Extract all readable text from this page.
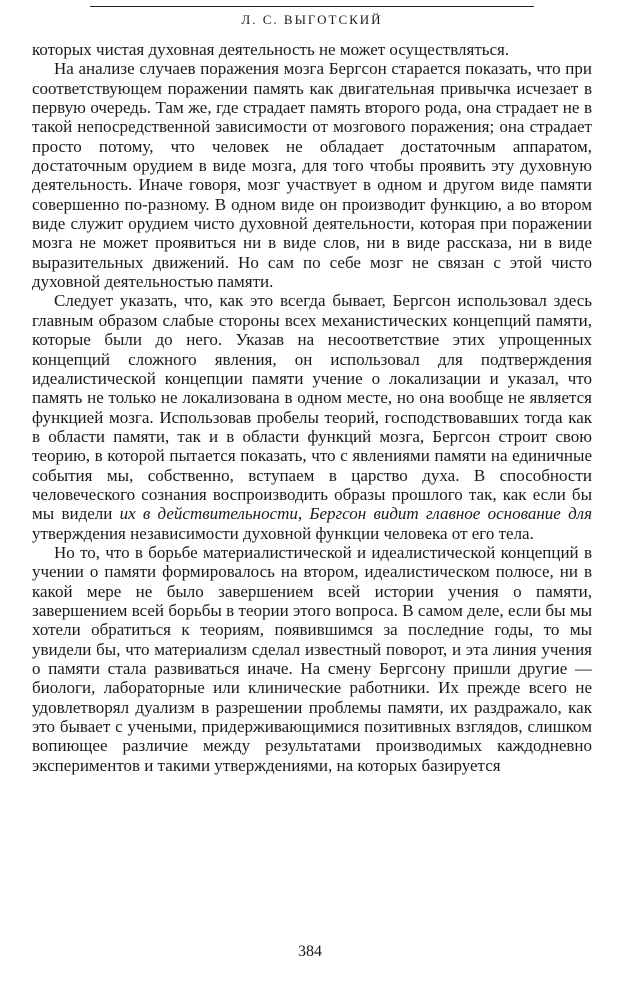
Л. С. ВЫГОТСКИЙ

которых чистая духовная деятельность не может осуществляться.

На анализе случаев поражения мозга Бергсон старается показать, что при соответствующем поражении память как двигательная привычка исчезает в первую очередь. Там же, где страдает память второго рода, она страдает не в такой непосредственной зависимости от мозгового поражения; она страдает просто потому, что человек не обладает достаточным аппаратом, достаточным орудием в виде мозга, для того чтобы проявить эту духовную деятельность. Иначе говоря, мозг участвует в одном и другом виде памяти совершенно по-разному. В одном виде он производит функцию, а во втором виде служит орудием чисто духовной деятельности, которая при поражении мозга не может проявиться ни в виде слов, ни в виде рассказа, ни в виде выразительных движений. Но сам по себе мозг не связан с этой чисто духовной деятельностью памяти.

Следует указать, что, как это всегда бывает, Бергсон использовал здесь главным образом слабые стороны всех механистических концепций памяти, которые были до него. Указав на несоответствие этих упрощенных концепций сложного явления, он использовал для подтверждения идеалистической концепции памяти учение о локализации и указал, что память не только не локализована в одном месте, но она вообще не является функцией мозга. Использовав пробелы теорий, господствовавших тогда как в области памяти, так и в области функций мозга, Бергсон строит свою теорию, в которой пытается показать, что с явлениями памяти на единичные события мы, собственно, вступаем в царство духа. В способности человеческого сознания воспроизводить образы прошлого так, как если бы мы видели их в действительности, Бергсон видит главное основание для утверждения независимости духовной функции человека от его тела.

Но то, что в борьбе материалистической и идеалистической концепций в учении о памяти формировалось на втором, идеалистическом полюсе, ни в какой мере не было завершением всей истории учения о памяти, завершением всей борьбы в теории этого вопроса. В самом деле, если бы мы хотели обратиться к теориям, появившимся за последние годы, то мы увидели бы, что материализм сделал известный поворот, и эта линия учения о памяти стала развиваться иначе. На смену Бергсону пришли другие — биологи, лабораторные или клинические работники. Их прежде всего не удовлетворял дуализм в разрешении проблемы памяти, их раздражало, как это бывает с учеными, придерживающимися позитивных взглядов, слишком вопиющее различие между результатами производимых каждодневно экспериментов и такими утверждениями, на которых базируется

384
